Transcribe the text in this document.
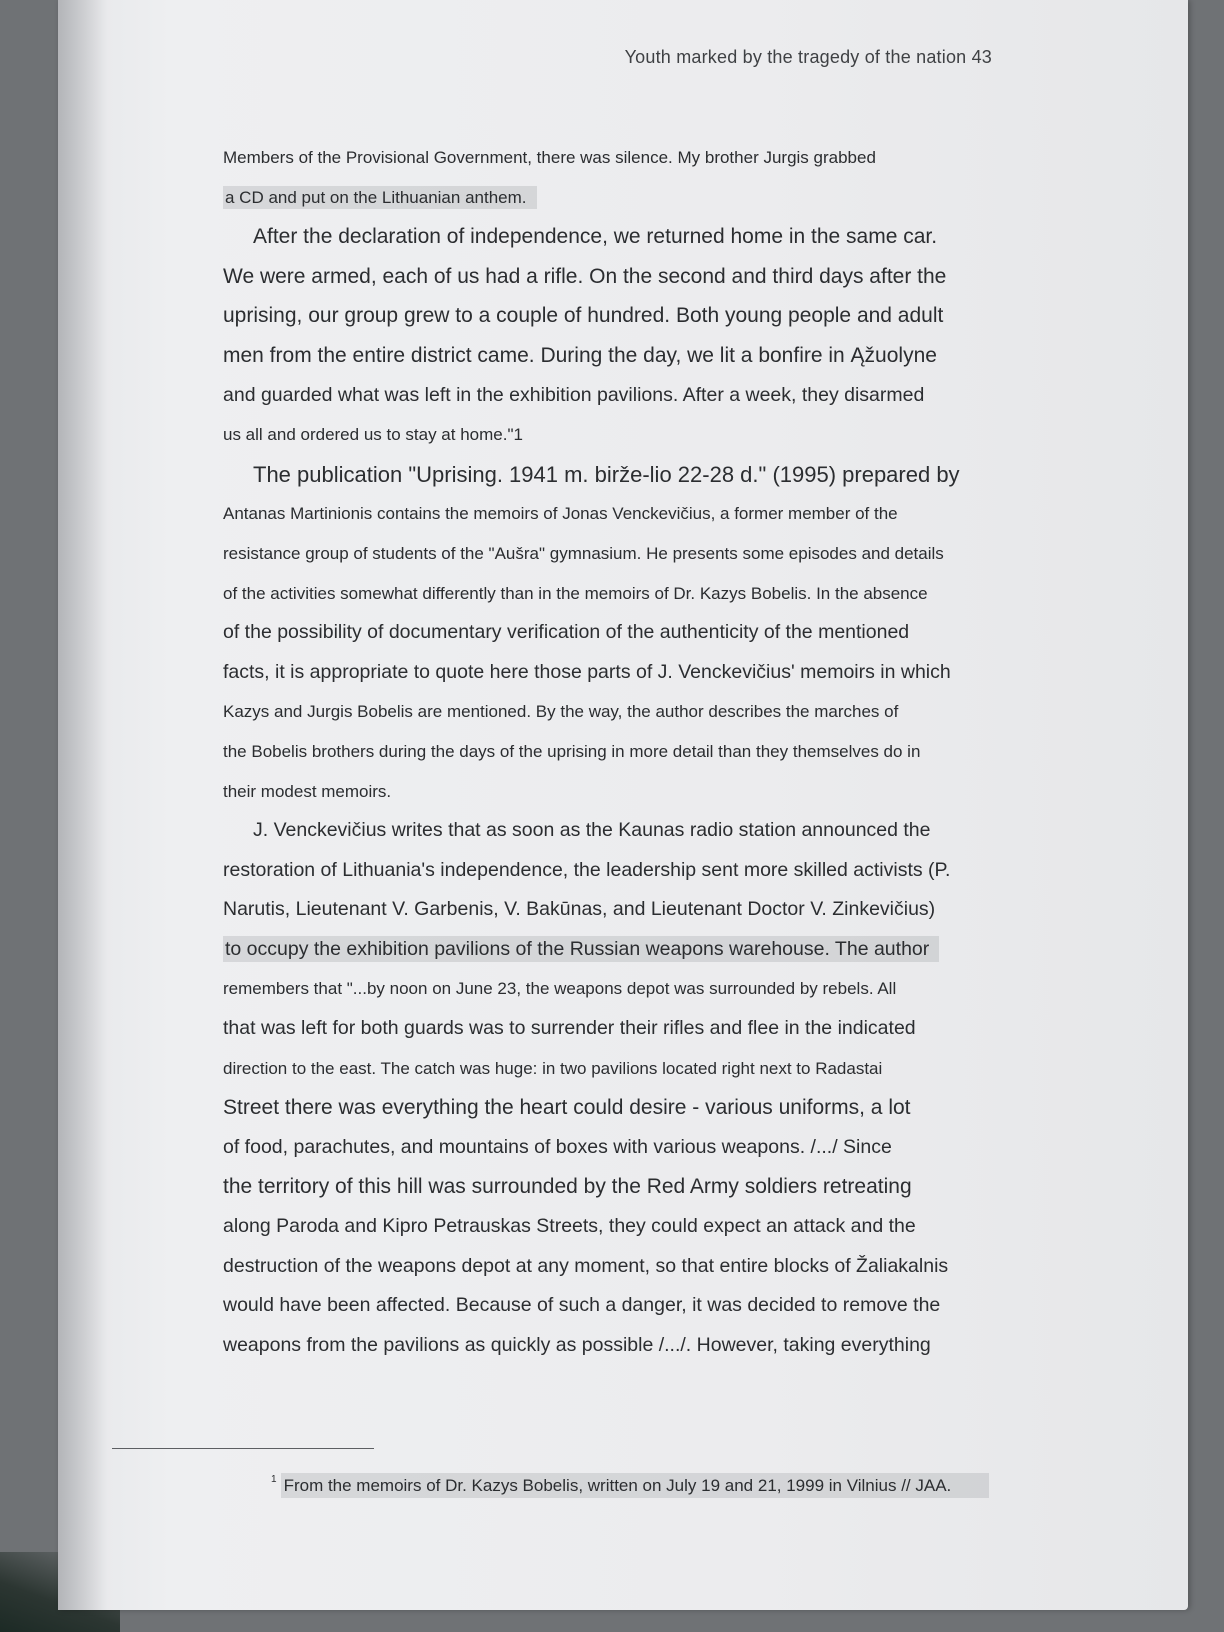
Youth marked by the tragedy of the nation 43
Members of the Provisional Government, there was silence. My brother Jurgis grabbed
a CD and put on the Lithuanian anthem.
After the declaration of independence, we returned home in the same car.
We were armed, each of us had a rifle. On the second and third days after the
uprising, our group grew to a couple of hundred. Both young people and adult
men from the entire district came. During the day, we lit a bonfire in Ąžuolyne
and guarded what was left in the exhibition pavilions. After a week, they disarmed
us all and ordered us to stay at home."1
The publication "Uprising. 1941 m. birže-lio 22-28 d." (1995) prepared by
Antanas Martinionis contains the memoirs of Jonas Venckevičius, a former member of the
resistance group of students of the "Aušra" gymnasium. He presents some episodes and details
of the activities somewhat differently than in the memoirs of Dr. Kazys Bobelis. In the absence
of the possibility of documentary verification of the authenticity of the mentioned
facts, it is appropriate to quote here those parts of J. Venckevičius' memoirs in which
Kazys and Jurgis Bobelis are mentioned. By the way, the author describes the marches of
the Bobelis brothers during the days of the uprising in more detail than they themselves do in
their modest memoirs.
J. Venckevičius writes that as soon as the Kaunas radio station announced the
restoration of Lithuania's independence, the leadership sent more skilled activists (P.
Narutis, Lieutenant V. Garbenis, V. Bakūnas, and Lieutenant Doctor V. Zinkevičius)
to occupy the exhibition pavilions of the Russian weapons warehouse. The author
remembers that "...by noon on June 23, the weapons depot was surrounded by rebels. All
that was left for both guards was to surrender their rifles and flee in the indicated
direction to the east. The catch was huge: in two pavilions located right next to Radastai
Street there was everything the heart could desire - various uniforms, a lot
of food, parachutes, and mountains of boxes with various weapons. /.../ Since
the territory of this hill was surrounded by the Red Army soldiers retreating
along Paroda and Kipro Petrauskas Streets, they could expect an attack and the
destruction of the weapons depot at any moment, so that entire blocks of Žaliakalnis
would have been affected. Because of such a danger, it was decided to remove the
weapons from the pavilions as quickly as possible /.../. However, taking everything
$^1$ From the memoirs of Dr. Kazys Bobelis, written on July 19 and 21, 1999 in Vilnius // JAA.
